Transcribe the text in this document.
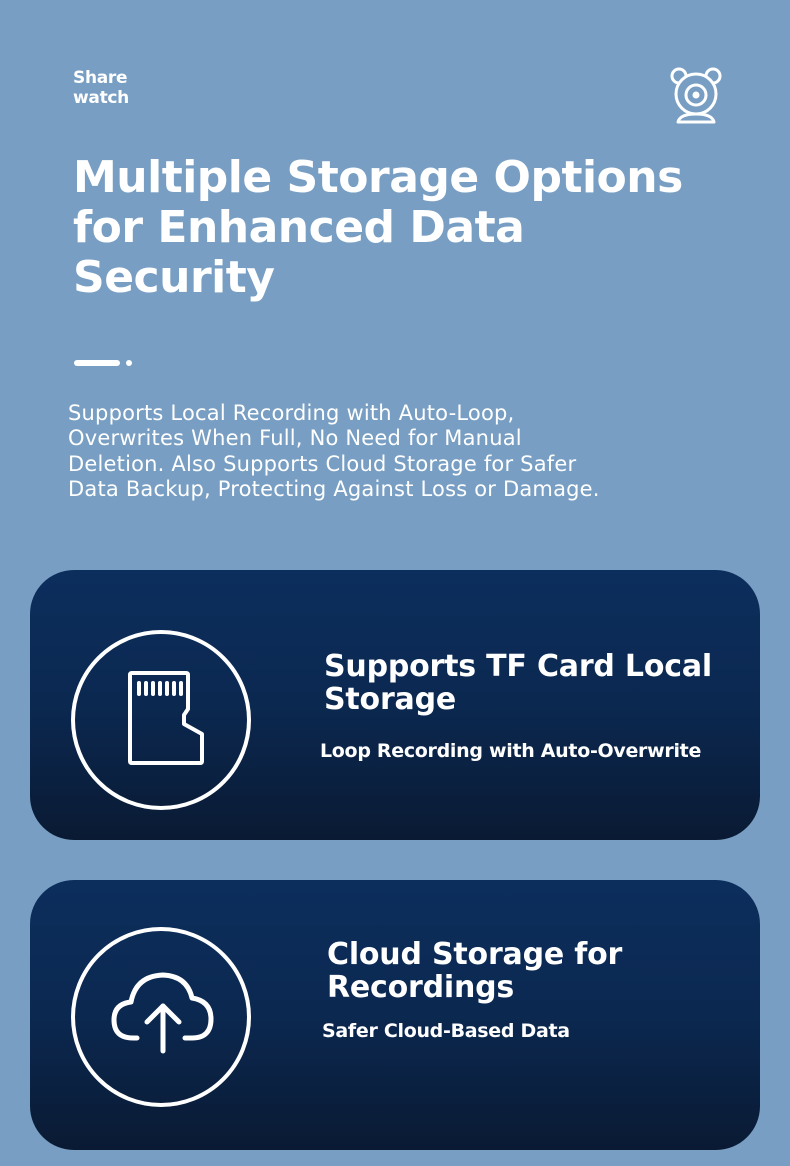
Share
watch
Multiple Storage Options for Enhanced Data Security

Supports Local Recording with Auto-Loop, Overwrites When Full, No Need for Manual Deletion. Also Supports Cloud Storage for Safer Data Backup, Protecting Against Loss or Damage.

Supports TF Card Local Storage

Loop Recording with Auto-Overwrite

Cloud Storage for Recordings

Safer Cloud-Based Data
